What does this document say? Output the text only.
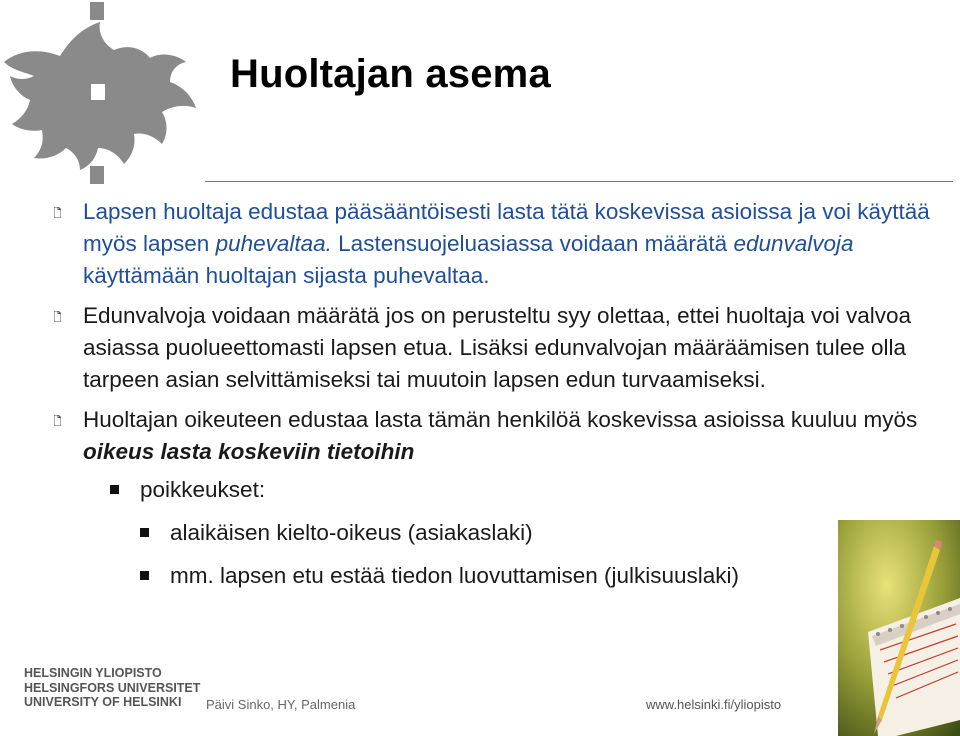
Huoltajan asema
Lapsen huoltaja edustaa pääsääntöisesti lasta tätä koskevissa asioissa ja voi käyttää myös lapsen puhevaltaa. Lastensuojeluasiassa voidaan määrätä edunvalvoja käyttämään huoltajan sijasta puhevaltaa.
Edunvalvoja voidaan määrätä jos on perusteltu syy olettaa, ettei huoltaja voi valvoa asiassa puolueettomasti lapsen etua. Lisäksi edunvalvojan määräämisen tulee olla tarpeen asian selvittämiseksi tai muutoin lapsen edun turvaamiseksi.
Huoltajan oikeuteen edustaa lasta tämän henkilöä koskevissa asioissa kuuluu myös oikeus lasta koskeviin tietoihin
poikkeukset:
alaikäisen kielto-oikeus (asiakaslaki)
mm. lapsen etu estää tiedon luovuttamisen (julkisuuslaki)
HELSINGIN YLIOPISTO
HELSINGFORS UNIVERSITET
UNIVERSITY OF HELSINKI	Päivi Sinko, HY, Palmenia	www.helsinki.fi/yliopisto
